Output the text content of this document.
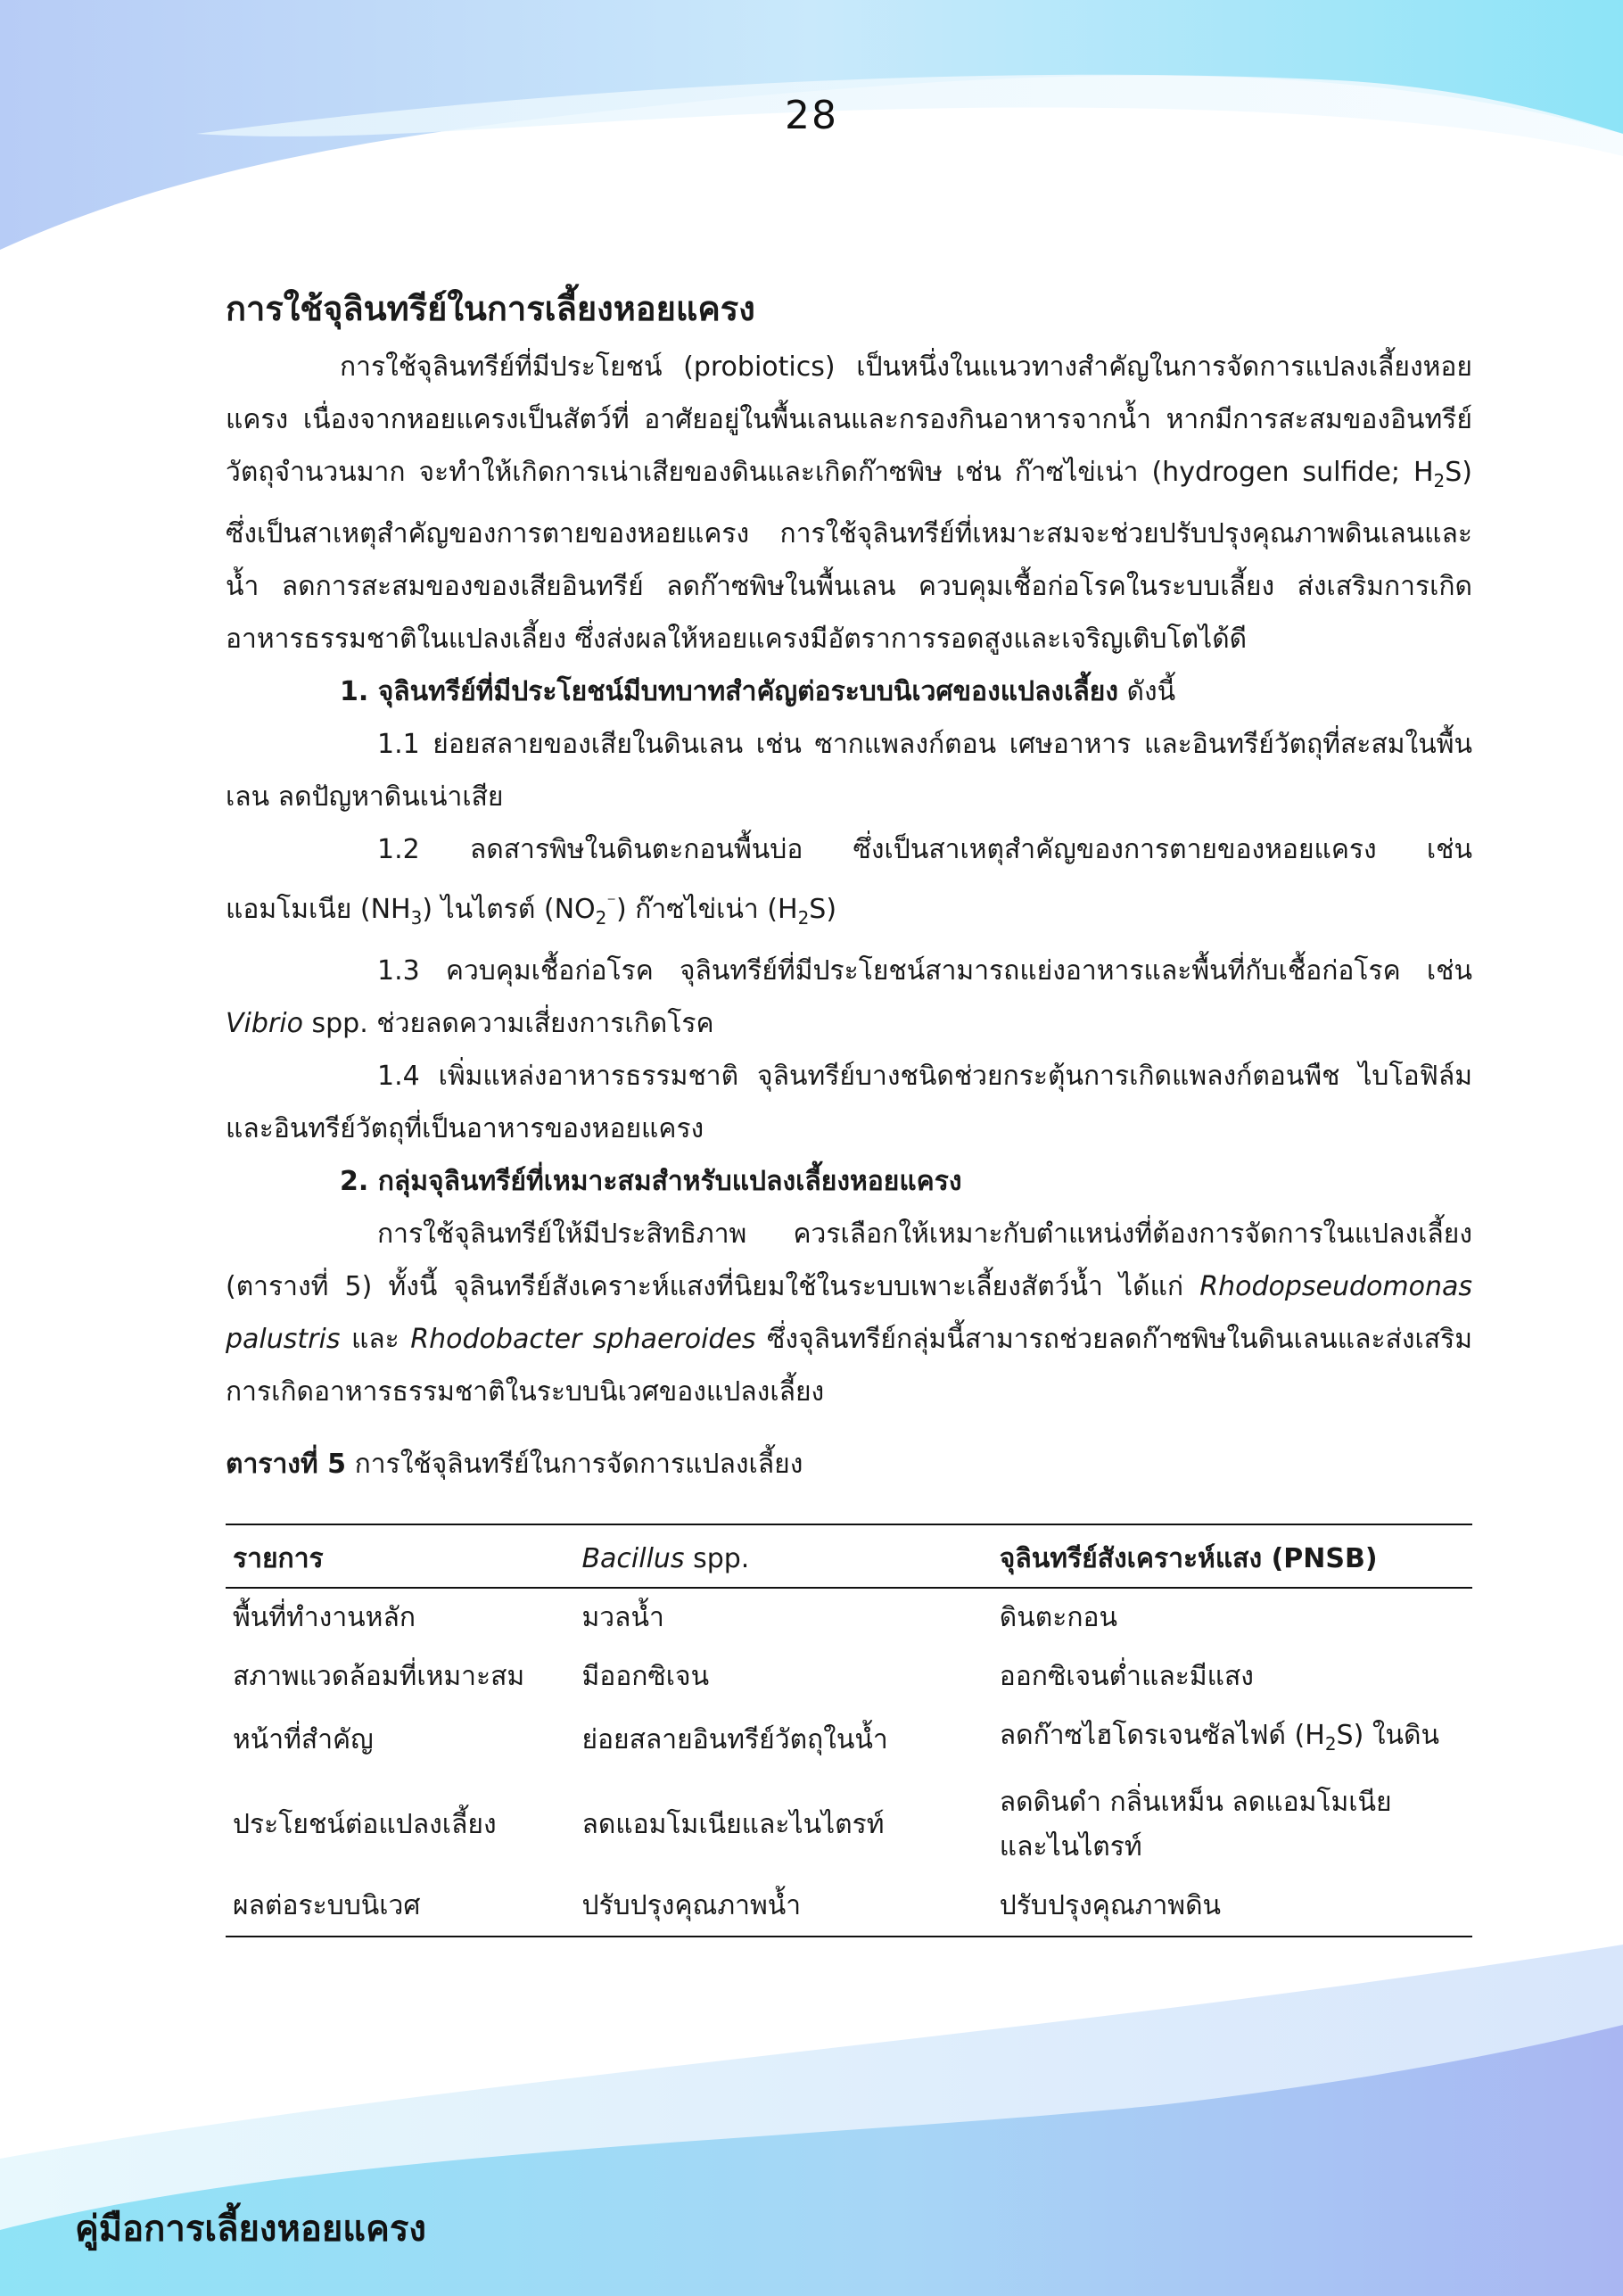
28
การใช้จุลินทรีย์ในการเลี้ยงหอยแครง

การใช้จุลินทรีย์ที่มีประโยชน์ (probiotics) เป็นหนึ่งในแนวทางสำคัญในการจัดการแปลงเลี้ยงหอยแครง เนื่องจากหอยแครงเป็นสัตว์ที่ อาศัยอยู่ในพื้นเลนและกรองกินอาหารจากน้ำ หากมีการสะสมของอินทรีย์วัตถุจำนวนมาก จะทำให้เกิดการเน่าเสียของดินและเกิดก๊าซพิษ เช่น ก๊าซไข่เน่า (hydrogen sulfide; $H_2S$) ซึ่งเป็นสาเหตุสำคัญของการตายของหอยแครง การใช้จุลินทรีย์ที่เหมาะสมจะช่วยปรับปรุงคุณภาพดินเลนและน้ำ ลดการสะสมของของเสียอินทรีย์ ลดก๊าซพิษในพื้นเลน ควบคุมเชื้อก่อโรคในระบบเลี้ยง ส่งเสริมการเกิดอาหารธรรมชาติในแปลงเลี้ยง ซึ่งส่งผลให้หอยแครงมีอัตราการรอดสูงและเจริญเติบโตได้ดี

1. จุลินทรีย์ที่มีประโยชน์มีบทบาทสำคัญต่อระบบนิเวศของแปลงเลี้ยง ดังนี้

1.1 ย่อยสลายของเสียในดินเลน เช่น ซากแพลงก์ตอน เศษอาหาร และอินทรีย์วัตถุที่สะสมในพื้นเลน ลดปัญหาดินเน่าเสีย

1.2 ลดสารพิษในดินตะกอนพื้นบ่อ ซึ่งเป็นสาเหตุสำคัญของการตายของหอยแครง เช่น แอมโมเนีย $(NH_3)$ ไนไตรต์ $(NO_2^{^-})$ ก๊าซไข่เน่า $(H_2S)$

1.3 ควบคุมเชื้อก่อโรค จุลินทรีย์ที่มีประโยชน์สามารถแย่งอาหารและพื้นที่กับเชื้อก่อโรค เช่น Vibrio spp. ช่วยลดความเสี่ยงการเกิดโรค

1.4 เพิ่มแหล่งอาหารธรรมชาติ จุลินทรีย์บางชนิดช่วยกระตุ้นการเกิดแพลงก์ตอนพืช ไบโอฟิล์มและอินทรีย์วัตถุที่เป็นอาหารของหอยแครง

2. กลุ่มจุลินทรีย์ที่เหมาะสมสำหรับแปลงเลี้ยงหอยแครง

การใช้จุลินทรีย์ให้มีประสิทธิภาพ ควรเลือกให้เหมาะกับตำแหน่งที่ต้องการจัดการในแปลงเลี้ยง (ตารางที่ 5) ทั้งนี้ จุลินทรีย์สังเคราะห์แสงที่นิยมใช้ในระบบเพาะเลี้ยงสัตว์น้ำ ได้แก่ Rhodopseudomonas palustris และ Rhodobacter sphaeroides ซึ่งจุลินทรีย์กลุ่มนี้สามารถช่วยลดก๊าซพิษในดินเลนและส่งเสริมการเกิดอาหารธรรมชาติในระบบนิเวศของแปลงเลี้ยง

ตารางที่ 5 การใช้จุลินทรีย์ในการจัดการแปลงเลี้ยง
รายการ	Bacillus spp.	จุลินทรีย์สังเคราะห์แสง (PNSB)
พื้นที่ทำงานหลัก	มวลน้ำ	ดินตะกอน
สภาพแวดล้อมที่เหมาะสม	มีออกซิเจน	ออกซิเจนต่ำและมีแสง
หน้าที่สำคัญ	ย่อยสลายอินทรีย์วัตถุในน้ำ	ลดก๊าซไฮโดรเจนซัลไฟด์ $(H_2S)$ ในดิน
ประโยชน์ต่อแปลงเลี้ยง	ลดแอมโมเนียและไนไตรท์	ลดดินดำ กลิ่นเหม็น ลดแอมโมเนีย
และไนไตรท์
ผลต่อระบบนิเวศ	ปรับปรุงคุณภาพน้ำ	ปรับปรุงคุณภาพดิน
คู่มือการเลี้ยงหอยแครง
